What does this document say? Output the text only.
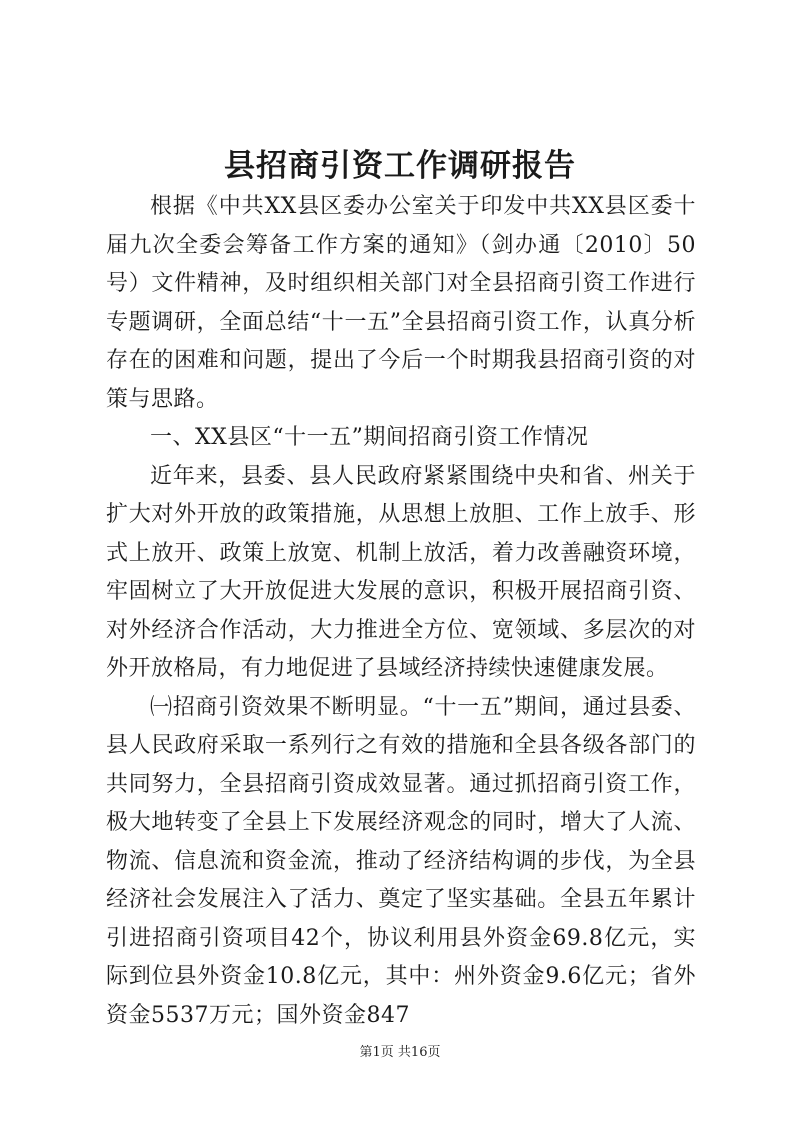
县招商引资工作调研报告

根据《中共XX县区委办公室关于印发中共XX县区委十届九次全委会筹备工作方案的通知》（剑办通〔2010〕50号）文件精神，及时组织相关部门对全县招商引资工作进行专题调研，全面总结“十一五”全县招商引资工作，认真分析存在的困难和问题，提出了今后一个时期我县招商引资的对策与思路。

一、XX县区“十一五”期间招商引资工作情况

近年来，县委、县人民政府紧紧围绕中央和省、州关于扩大对外开放的政策措施，从思想上放胆、工作上放手、形式上放开、政策上放宽、机制上放活，着力改善融资环境，牢固树立了大开放促进大发展的意识，积极开展招商引资、对外经济合作活动，大力推进全方位、宽领域、多层次的对外开放格局，有力地促进了县域经济持续快速健康发展。

㈠招商引资效果不断明显。“十一五”期间，通过县委、县人民政府采取一系列行之有效的措施和全县各级各部门的共同努力，全县招商引资成效显著。通过抓招商引资工作，极大地转变了全县上下发展经济观念的同时，增大了人流、物流、信息流和资金流，推动了经济结构调的步伐，为全县经济社会发展注入了活力、奠定了坚实基础。全县五年累计引进招商引资项目42个，协议利用县外资金69.8亿元，实际到位县外资金10.8亿元，其中：州外资金9.6亿元；省外资金5537万元；国外资金847

第1页 共16页
